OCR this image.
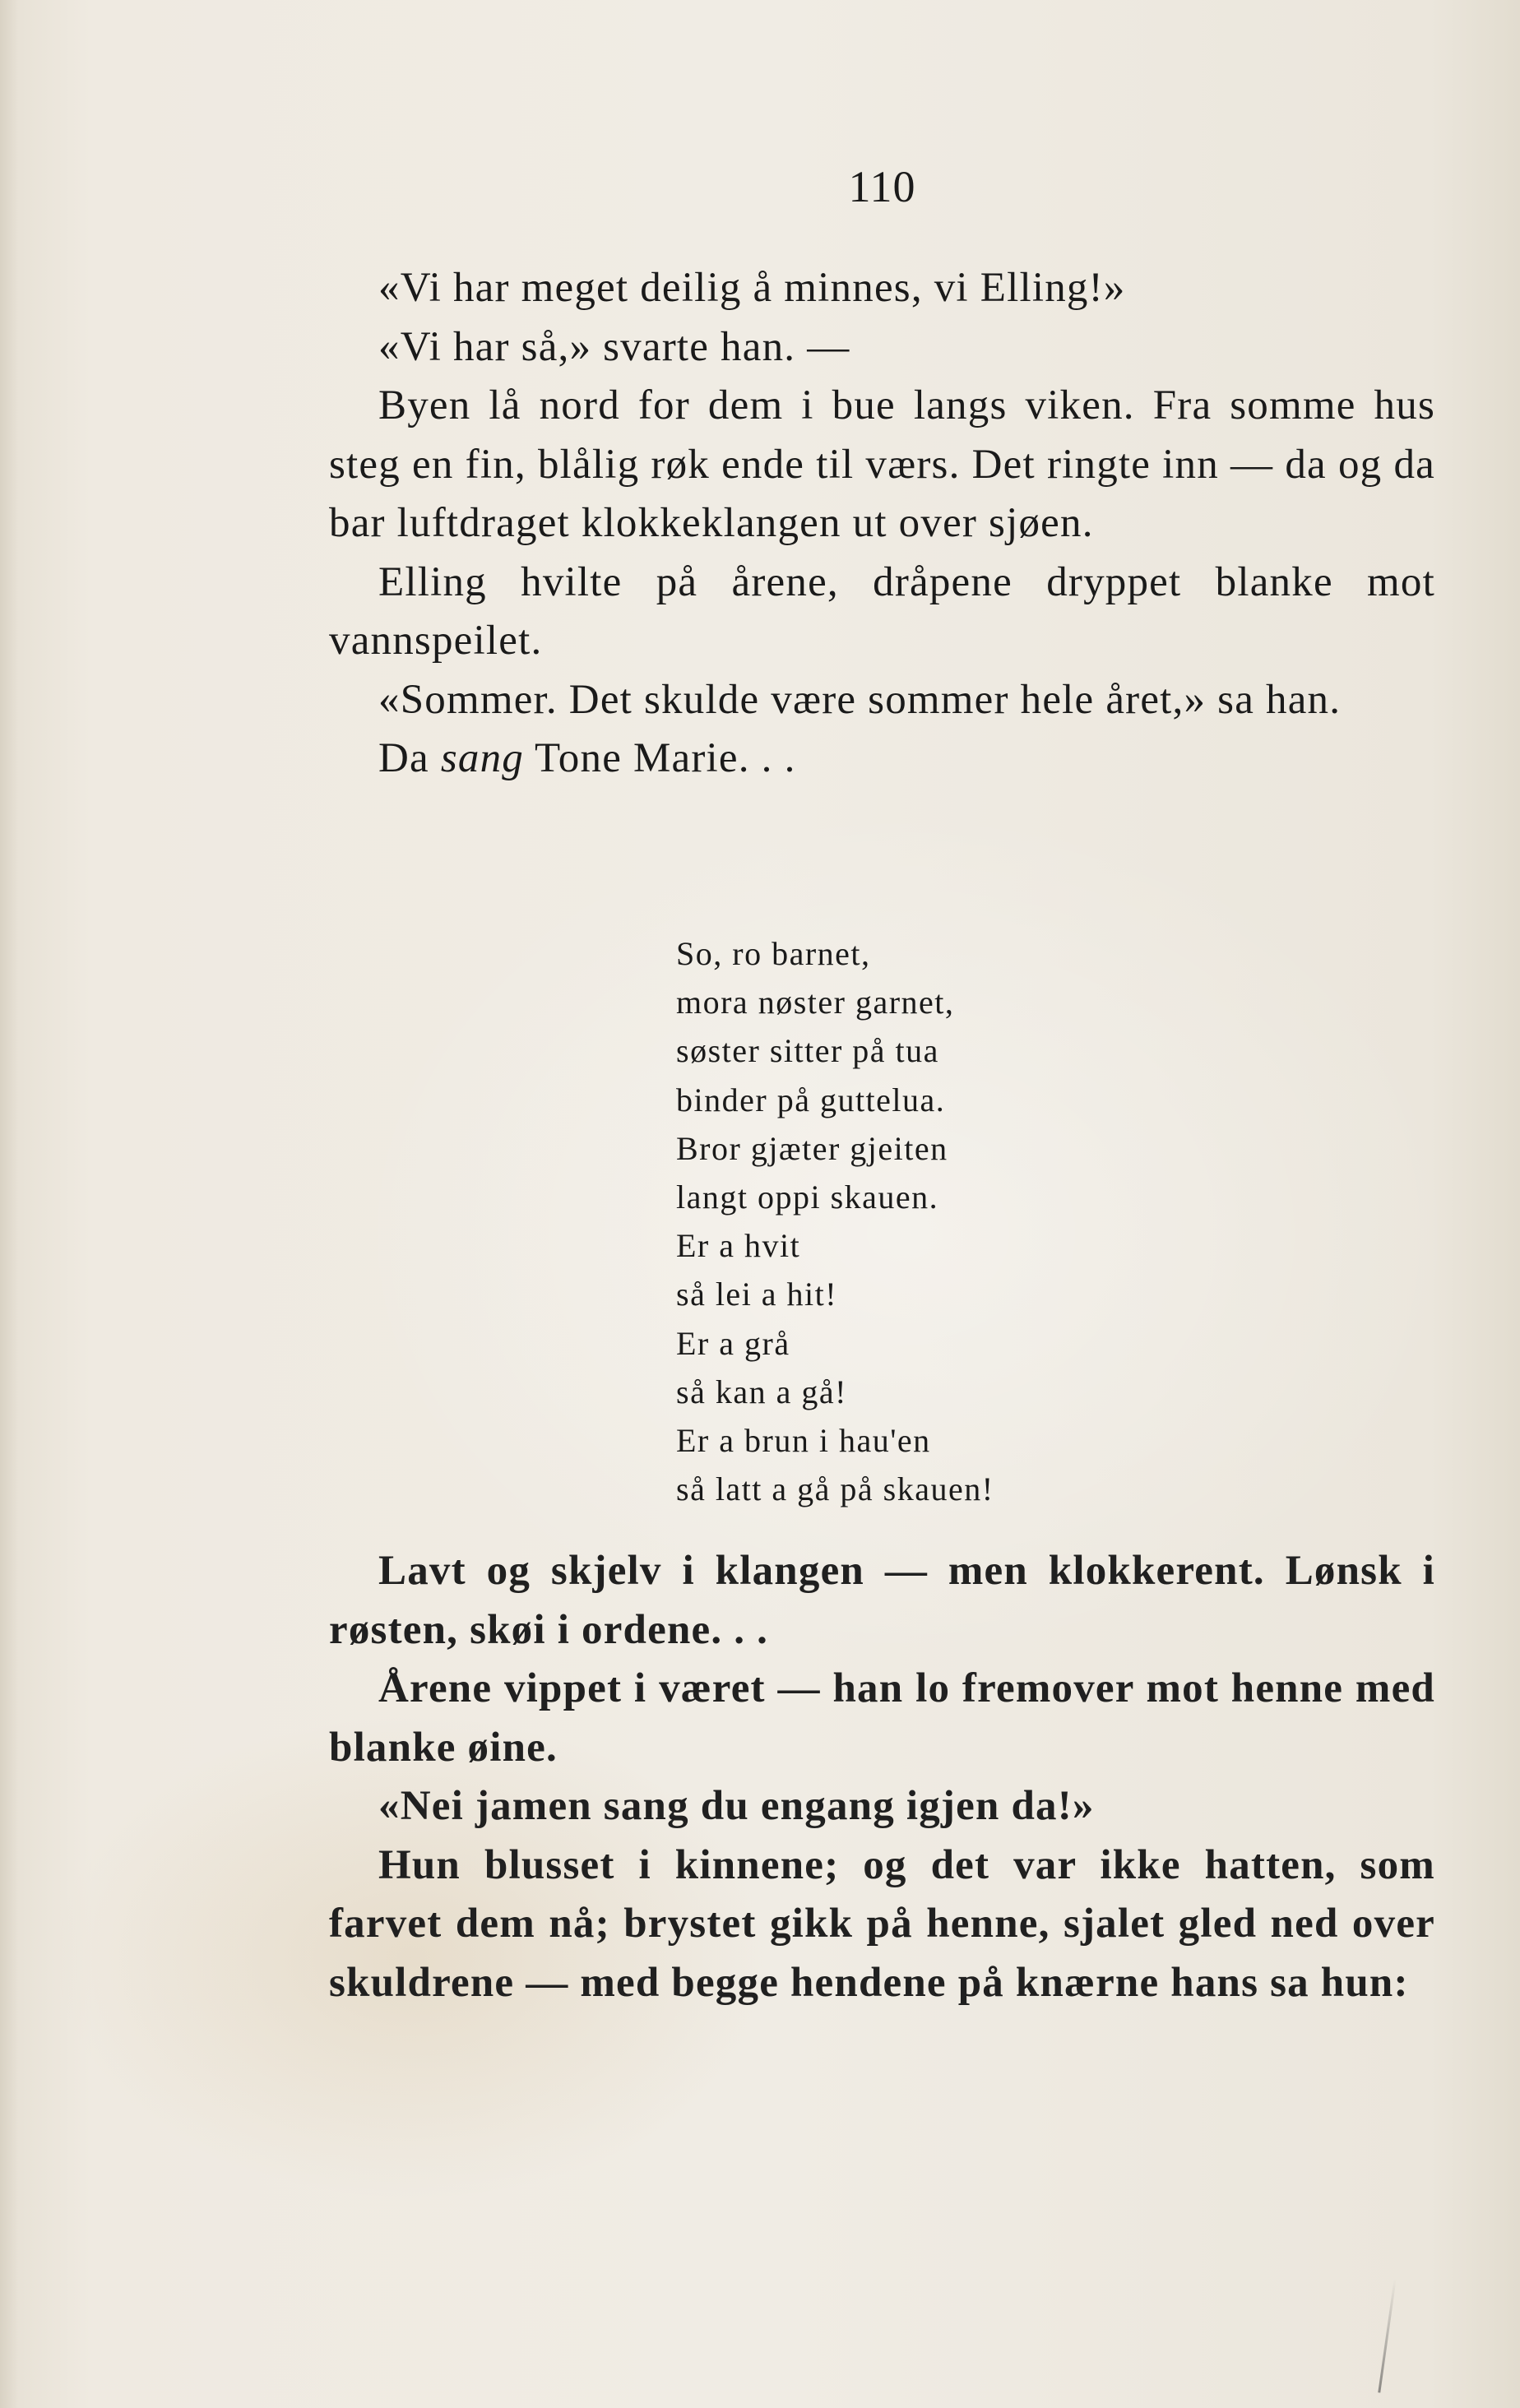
110

«Vi har meget deilig å minnes, vi Elling!»

«Vi har så,» svarte han. —

Byen lå nord for dem i bue langs viken. Fra somme hus steg en fin, blålig røk ende til værs. Det ringte inn — da og da bar luftdraget klokkeklangen ut over sjøen.

Elling hvilte på årene, dråpene dryppet blanke mot vannspeilet.

«Sommer. Det skulde være sommer hele året,» sa han.

Da sang Tone Marie. . .

So, ro barnet,
mora nøster garnet,
søster sitter på tua
binder på guttelua.
Bror gjæter gjeiten
langt oppi skauen.
Er a hvit
så lei a hit!
Er a grå
så kan a gå!
Er a brun i hau'en
så latt a gå på skauen!

Lavt og skjelv i klangen — men klokkerent. Lønsk i røsten, skøi i ordene. . .

Årene vippet i været — han lo fremover mot henne med blanke øine.

«Nei jamen sang du engang igjen da!»

Hun blusset i kinnene; og det var ikke hatten, som farvet dem nå; brystet gikk på henne, sjalet gled ned over skuldrene — med begge hendene på knærne hans sa hun:
